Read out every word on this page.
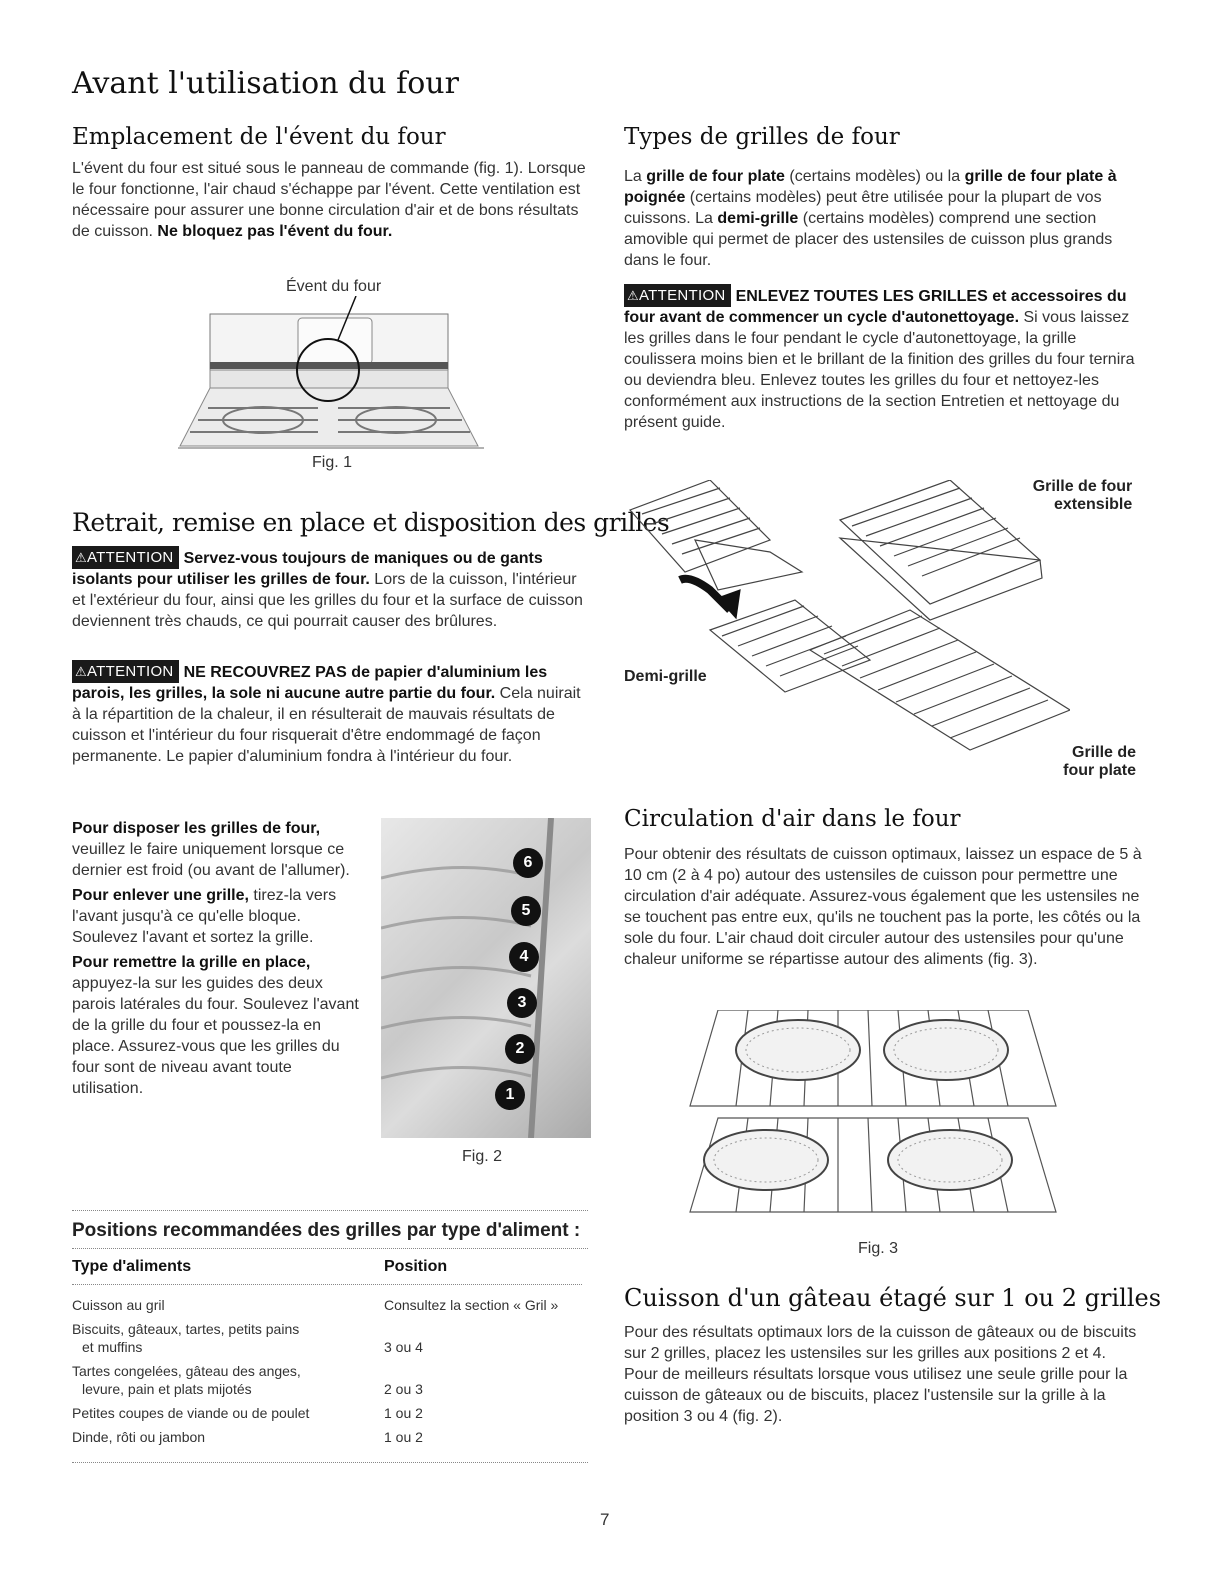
Avant l'utilisation du four
Emplacement de l'évent du four

L'évent du four est situé sous le panneau de commande (fig. 1). Lorsque le four fonctionne, l'air chaud s'échappe par l'évent. Cette ventilation est nécessaire pour assurer une bonne circulation d'air et de bons résultats de cuisson. Ne bloquez pas l'évent du four.

Évent du four
Fig. 1
Retrait, remise en place et disposition des grilles

⚠ATTENTION Servez-vous toujours de maniques ou de gants isolants pour utiliser les grilles de four. Lors de la cuisson, l'intérieur et l'extérieur du four, ainsi que les grilles du four et la surface de cuisson deviennent très chauds, ce qui pourrait causer des brûlures.

⚠ATTENTION NE RECOUVREZ PAS de papier d'aluminium les parois, les grilles, la sole ni aucune autre partie du four. Cela nuirait à la répartition de la chaleur, il en résulterait de mauvais résultats de cuisson et l'intérieur du four risquerait d'être endommagé de façon permanente. Le papier d'aluminium fondra à l'intérieur du four.

Pour disposer les grilles de four, veuillez le faire uniquement lorsque ce dernier est froid (ou avant de l'allumer).

Pour enlever une grille, tirez-la vers l'avant jusqu'à ce qu'elle bloque. Soulevez l'avant et sortez la grille.

Pour remettre la grille en place, appuyez-la sur les guides des deux parois latérales du four. Soulevez l'avant de la grille du four et poussez-la en place. Assurez-vous que les grilles du four sont de niveau avant toute utilisation.

6
5
4
3
2
1
Fig. 2
Positions recommandées des grilles par type d'aliment :
Type d'aliments	Position

Cuisson au gril	Consultez la section « Gril »
Biscuits, gâteaux, tartes, petits pains
et muffins	3 ou 4
Tartes congelées, gâteau des anges,
levure, pain et plats mijotés	2 ou 3
Petites coupes de viande ou de poulet	1 ou 2
Dinde, rôti ou jambon	1 ou 2
Types de grilles de four

La grille de four plate (certains modèles) ou la grille de four plate à poignée (certains modèles) peut être utilisée pour la plupart de vos cuissons. La demi-grille (certains modèles) comprend une section amovible qui permet de placer des ustensiles de cuisson plus grands dans le four.

⚠ATTENTION ENLEVEZ TOUTES LES GRILLES et accessoires du four avant de commencer un cycle d'autonettoyage. Si vous laissez les grilles dans le four pendant le cycle d'autonettoyage, la grille coulissera moins bien et le brillant de la finition des grilles du four ternira ou deviendra bleu. Enlevez toutes les grilles du four et nettoyez-les conformément aux instructions de la section Entretien et nettoyage du présent guide.

Grille de four
extensible
Demi-grille
Grille de
four plate
Circulation d'air dans le four

Pour obtenir des résultats de cuisson optimaux, laissez un espace de 5 à 10 cm (2 à 4 po) autour des ustensiles de cuisson pour permettre une circulation d'air adéquate. Assurez-vous également que les ustensiles ne se touchent pas entre eux, qu'ils ne touchent pas la porte, les côtés ou la sole du four. L'air chaud doit circuler autour des ustensiles pour qu'une chaleur uniforme se répartisse autour des aliments (fig. 3).

Fig. 3
Cuisson d'un gâteau étagé sur 1 ou 2 grilles

Pour des résultats optimaux lors de la cuisson de gâteaux ou de biscuits sur 2 grilles, placez les ustensiles sur les grilles aux positions 2 et 4. Pour de meilleurs résultats lorsque vous utilisez une seule grille pour la cuisson de gâteaux ou de biscuits, placez l'ustensile sur la grille à la position 3 ou 4 (fig. 2).

7
